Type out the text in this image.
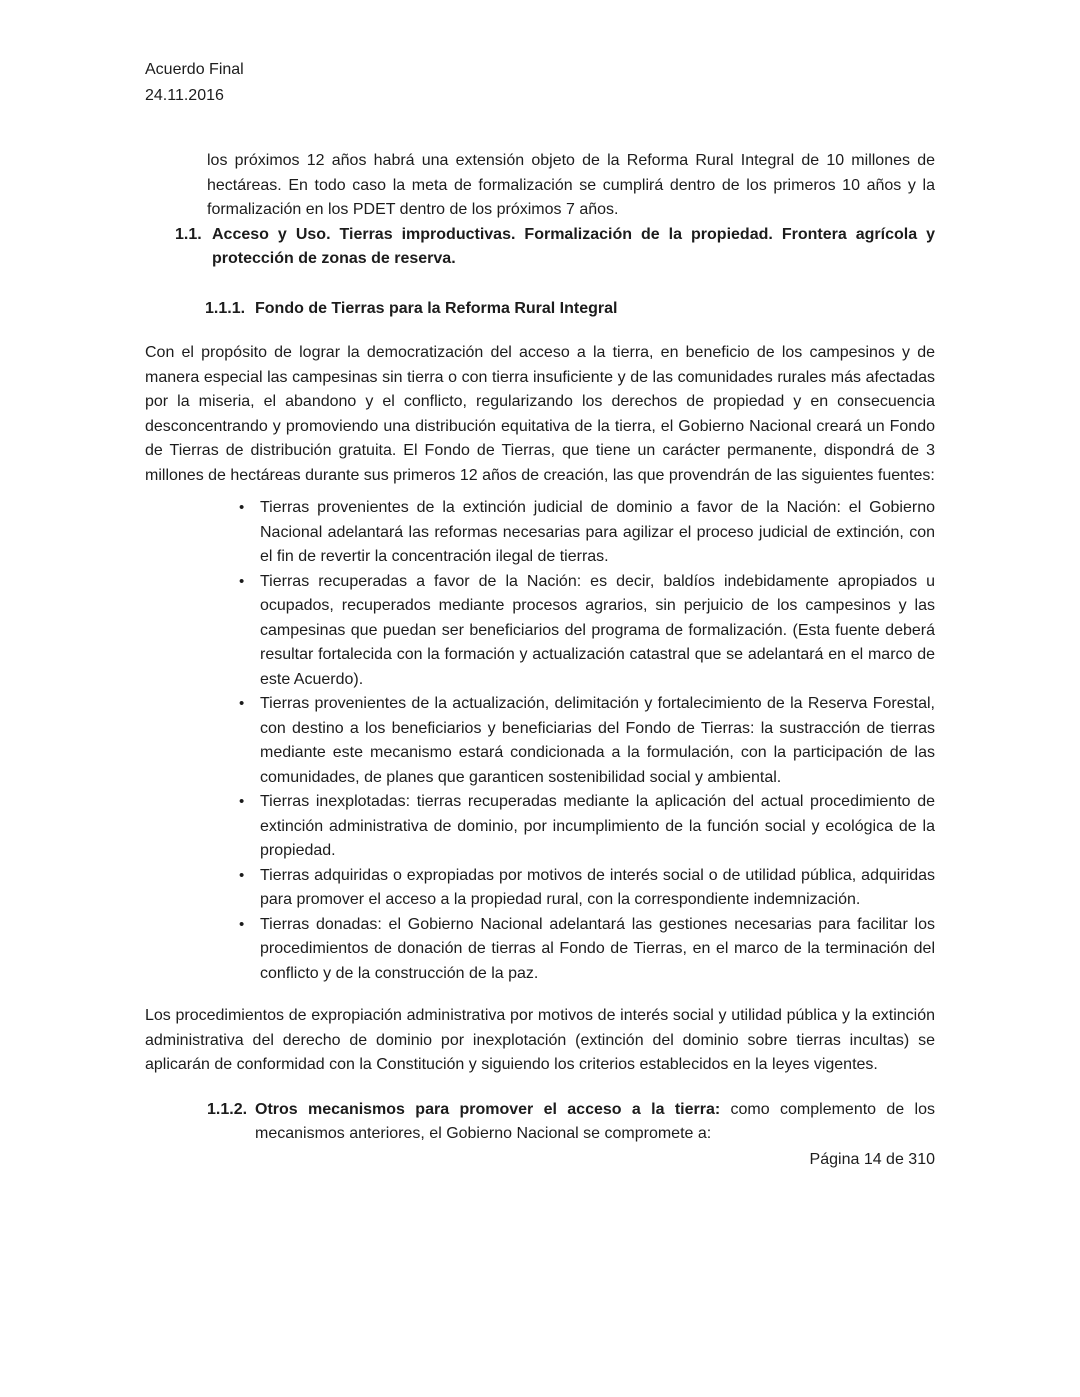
Acuerdo Final
24.11.2016

los próximos 12 años habrá una extensión objeto de la Reforma Rural Integral de 10 millones de hectáreas. En todo caso la meta de formalización se cumplirá dentro de los primeros 10 años y la formalización en los PDET dentro de los próximos 7 años.

1.1. Acceso y Uso. Tierras improductivas. Formalización de la propiedad. Frontera agrícola y protección de zonas de reserva.
1.1.1. Fondo de Tierras para la Reforma Rural Integral

Con el propósito de lograr la democratización del acceso a la tierra, en beneficio de los campesinos y de manera especial las campesinas sin tierra o con tierra insuficiente y de las comunidades rurales más afectadas por la miseria, el abandono y el conflicto, regularizando los derechos de propiedad y en consecuencia desconcentrando y promoviendo una distribución equitativa de la tierra, el Gobierno Nacional creará un Fondo de Tierras de distribución gratuita. El Fondo de Tierras, que tiene un carácter permanente, dispondrá de 3 millones de hectáreas durante sus primeros 12 años de creación, las que provendrán de las siguientes fuentes:

• Tierras provenientes de la extinción judicial de dominio a favor de la Nación: el Gobierno Nacional adelantará las reformas necesarias para agilizar el proceso judicial de extinción, con el fin de revertir la concentración ilegal de tierras.
• Tierras recuperadas a favor de la Nación: es decir, baldíos indebidamente apropiados u ocupados, recuperados mediante procesos agrarios, sin perjuicio de los campesinos y las campesinas que puedan ser beneficiarios del programa de formalización. (Esta fuente deberá resultar fortalecida con la formación y actualización catastral que se adelantará en el marco de este Acuerdo).
• Tierras provenientes de la actualización, delimitación y fortalecimiento de la Reserva Forestal, con destino a los beneficiarios y beneficiarias del Fondo de Tierras: la sustracción de tierras mediante este mecanismo estará condicionada a la formulación, con la participación de las comunidades, de planes que garanticen sostenibilidad social y ambiental.
• Tierras inexplotadas: tierras recuperadas mediante la aplicación del actual procedimiento de extinción administrativa de dominio, por incumplimiento de la función social y ecológica de la propiedad.
• Tierras adquiridas o expropiadas por motivos de interés social o de utilidad pública, adquiridas para promover el acceso a la propiedad rural, con la correspondiente indemnización.
• Tierras donadas: el Gobierno Nacional adelantará las gestiones necesarias para facilitar los procedimientos de donación de tierras al Fondo de Tierras, en el marco de la terminación del conflicto y de la construcción de la paz.

Los procedimientos de expropiación administrativa por motivos de interés social y utilidad pública y la extinción administrativa del derecho de dominio por inexplotación (extinción del dominio sobre tierras incultas) se aplicarán de conformidad con la Constitución y siguiendo los criterios establecidos en la leyes vigentes.

1.1.2. Otros mecanismos para promover el acceso a la tierra: como complemento de los mecanismos anteriores, el Gobierno Nacional se compromete a:
Página 14 de 310
